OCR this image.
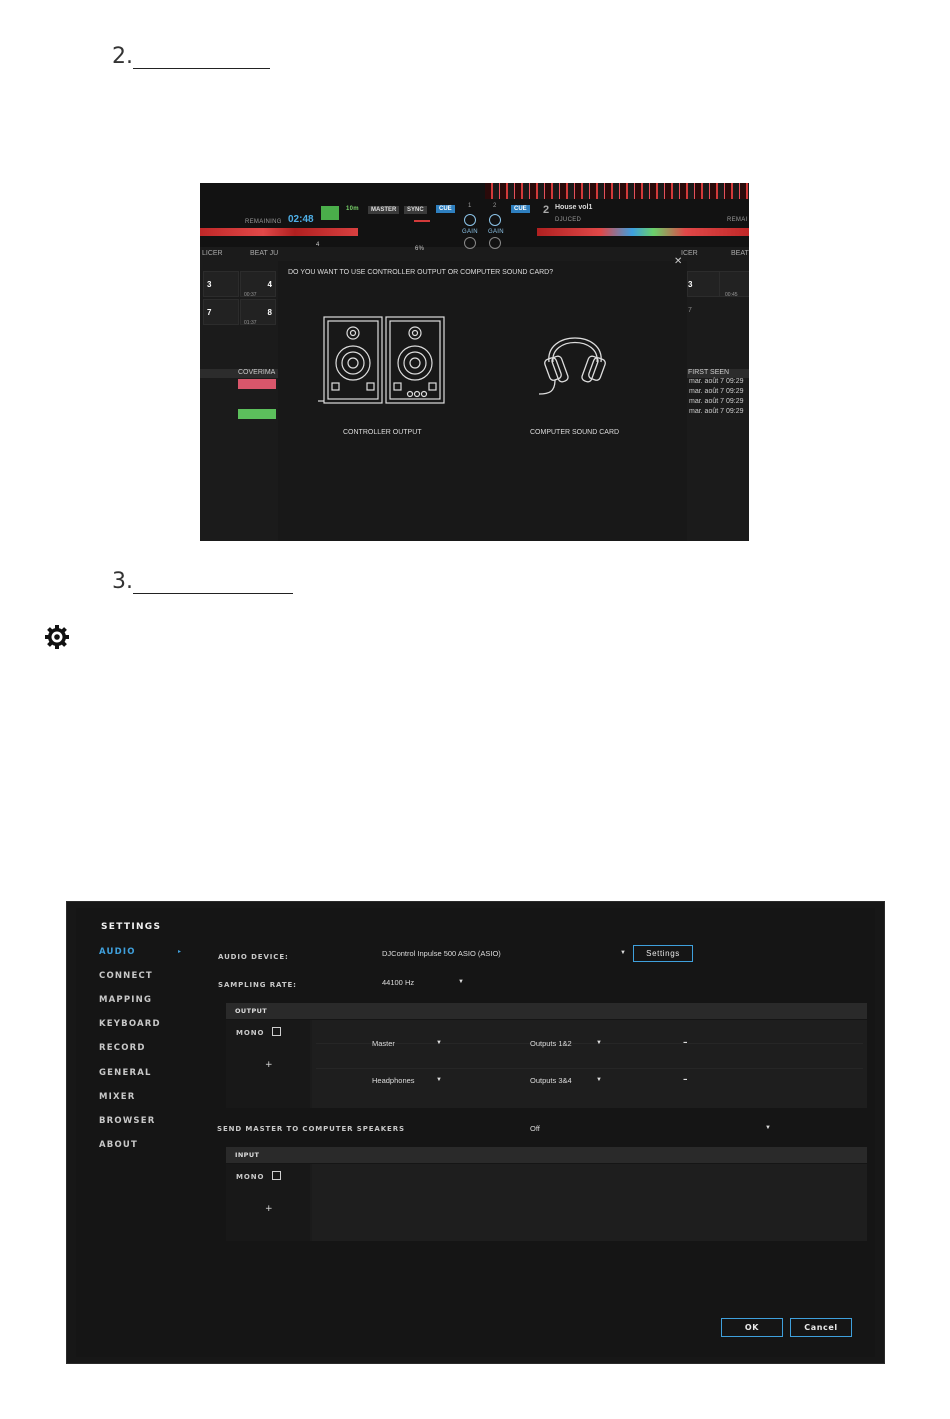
2.
REMAINING 02:48
10m	MASTER	SYNC	CUE	1	2
GAIN GAIN
CUE 2 House vol1
DJUCED	REMAI
4
6%
LICER	BEAT JU	ICER	BEAT
3	4
00:37
7	8
01:37
3
00:45
7
COVERIMA	FIRST SEEN
mar. août 7 09:29
mar. août 7 09:29
mar. août 7 09:29
mar. août 7 09:29
DO YOU WANT TO USE CONTROLLER OUTPUT OR COMPUTER SOUND CARD?
✕
CONTROLLER OUTPUT	COMPUTER SOUND CARD
3.
SETTINGS
AUDIO	▸
CONNECT
MAPPING
KEYBOARD
RECORD
GENERAL
MIXER
BROWSER
ABOUT
AUDIO DEVICE:	DJControl Inpulse 500 ASIO (ASIO)	▼	Settings
SAMPLING RATE:	44100 Hz	▼
OUTPUT
MONO
+
Master	▼	Outputs 1&2	▼	–
Headphones	▼	Outputs 3&4	▼	–
SEND MASTER TO COMPUTER SPEAKERS	Off	▼
INPUT
MONO
+
OK	Cancel
